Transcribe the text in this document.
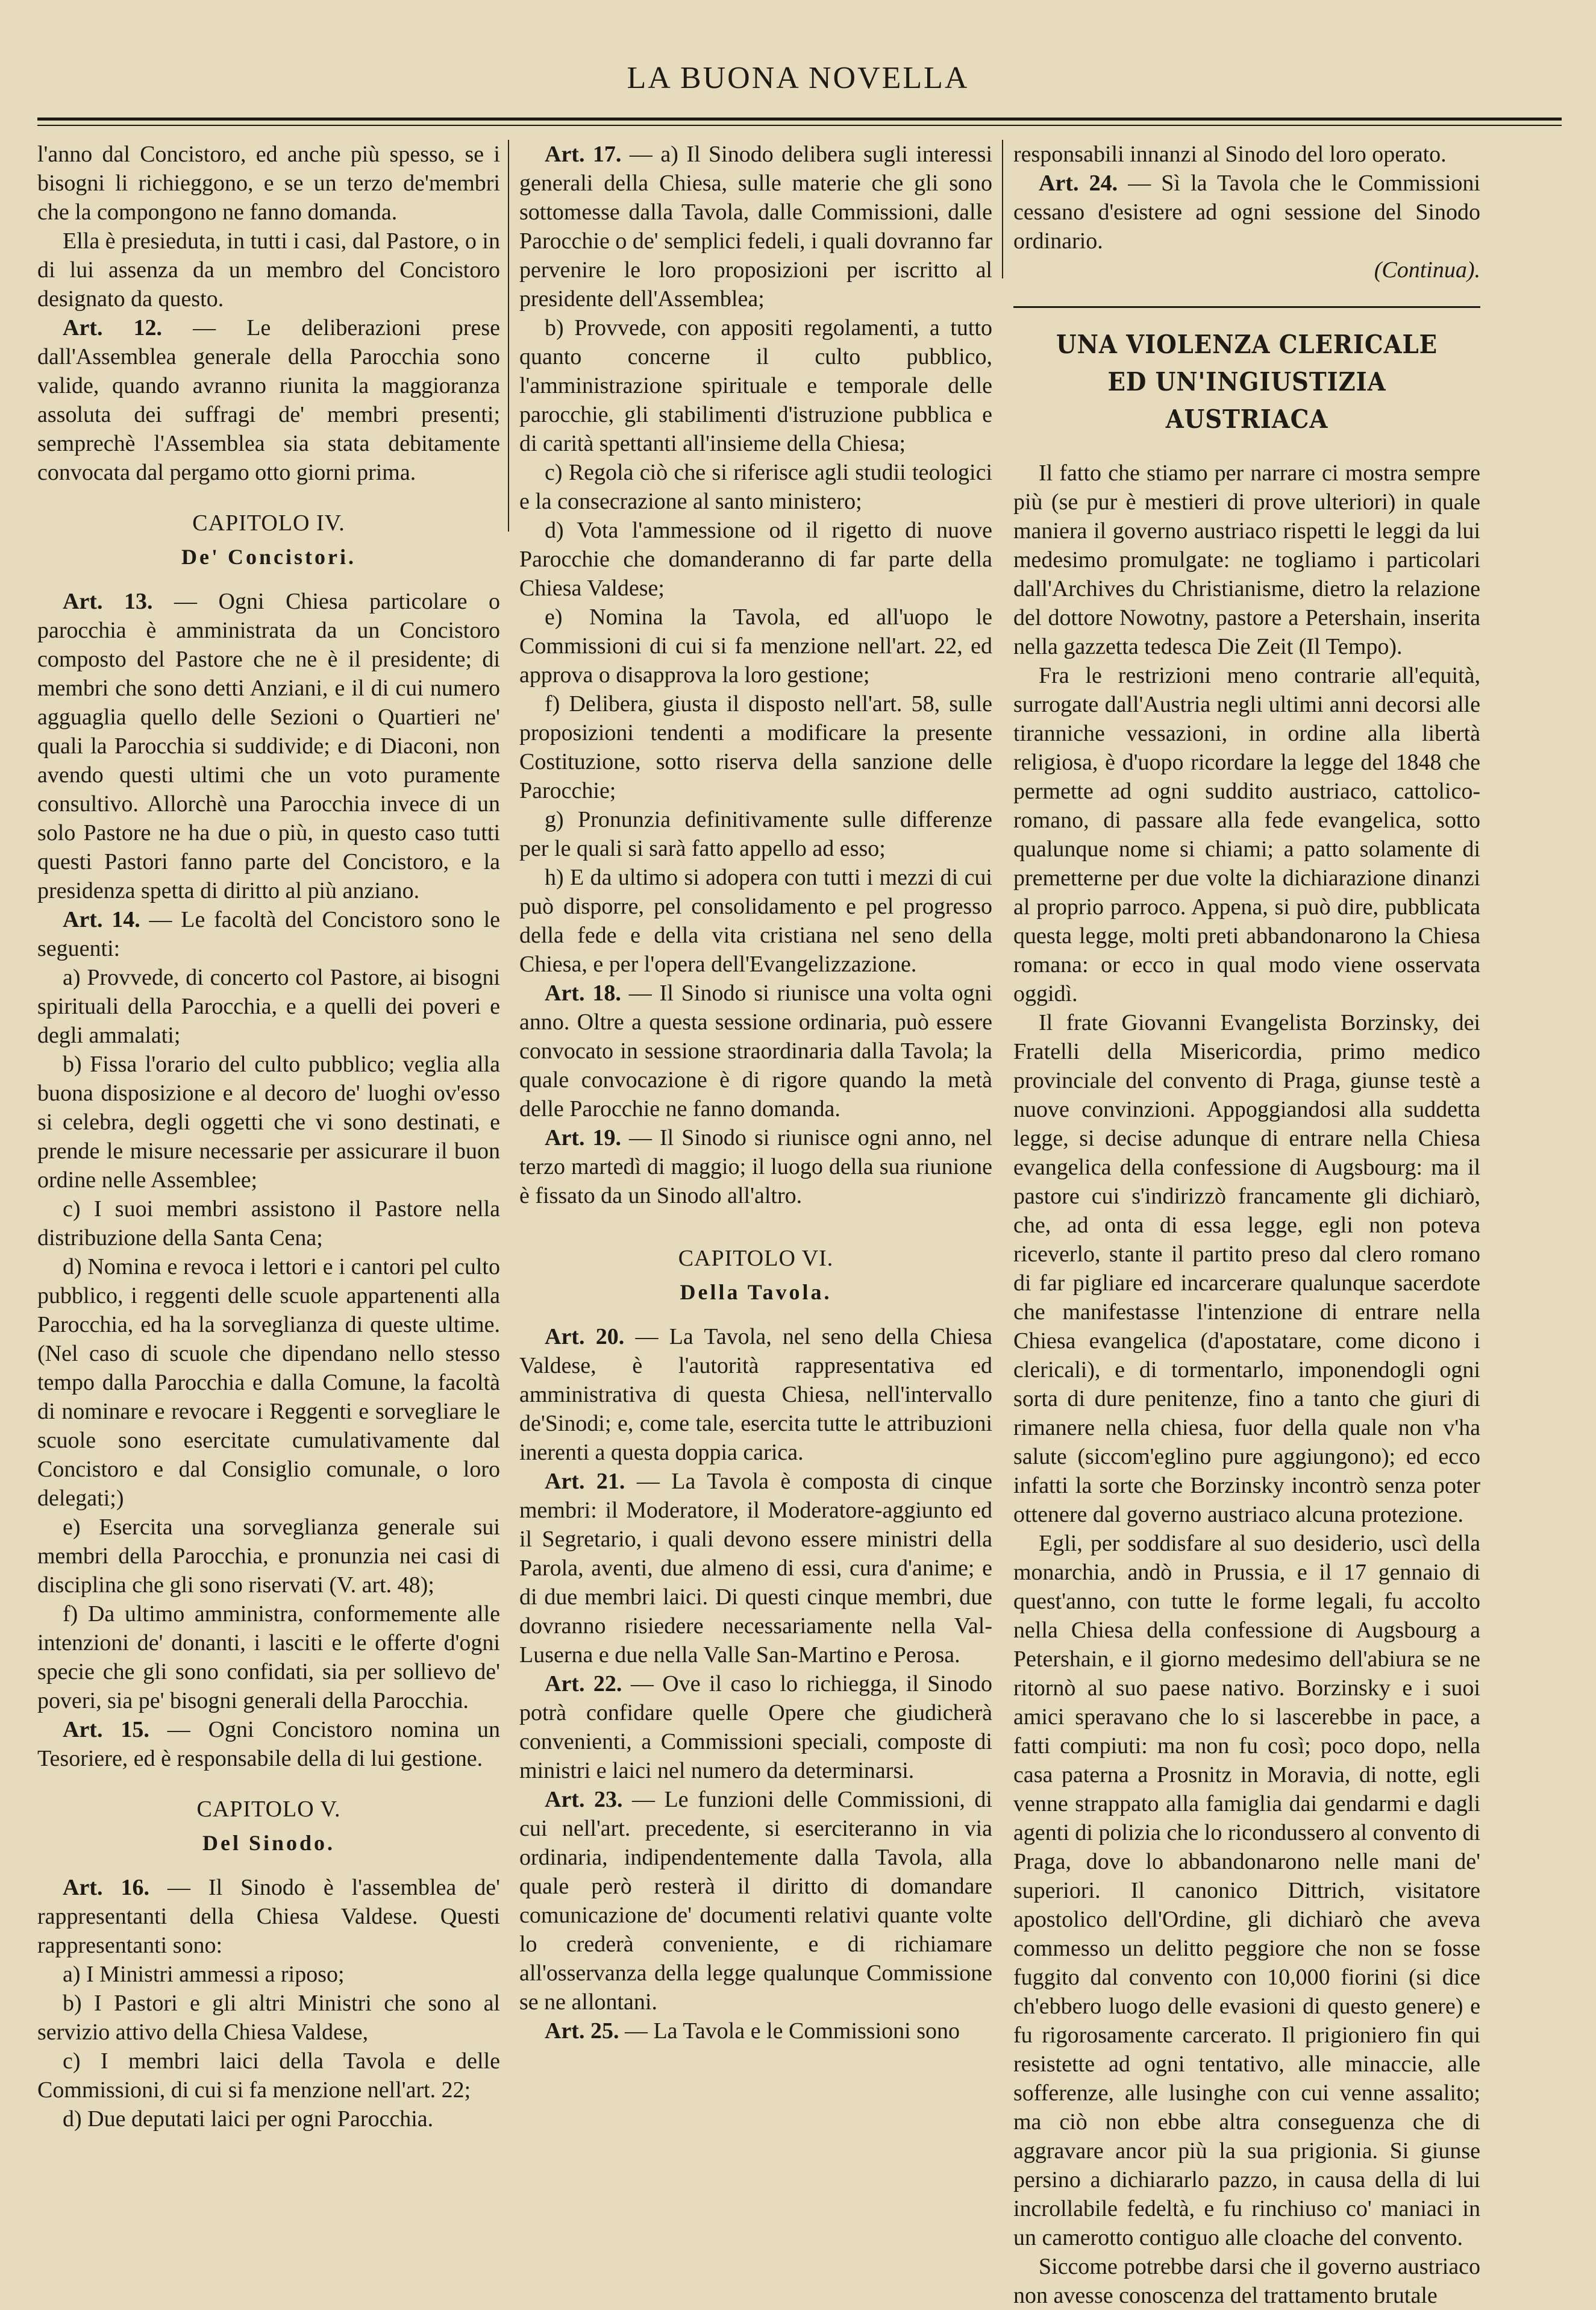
LA BUONA NOVELLA

l'anno dal Concistoro, ed anche più spesso, se i bisogni li richieggono, e se un terzo de'membri che la compongono ne fanno domanda.

Ella è presieduta, in tutti i casi, dal Pastore, o in di lui assenza da un membro del Concistoro designato da questo.

Art. 12. — Le deliberazioni prese dall'Assemblea generale della Parocchia sono valide, quando avranno riunita la maggioranza assoluta dei suffragi de' membri presenti; semprechè l'Assemblea sia stata debitamente convocata dal pergamo otto giorni prima.

CAPITOLO IV.
De' Concistori.

Art. 13. — Ogni Chiesa particolare o parocchia è amministrata da un Concistoro composto del Pastore che ne è il presidente; di membri che sono detti Anziani, e il di cui numero agguaglia quello delle Sezioni o Quartieri ne' quali la Parocchia si suddivide; e di Diaconi, non avendo questi ultimi che un voto puramente consultivo. Allorchè una Parocchia invece di un solo Pastore ne ha due o più, in questo caso tutti questi Pastori fanno parte del Concistoro, e la presidenza spetta di diritto al più anziano.

Art. 14. — Le facoltà del Concistoro sono le seguenti:

a) Provvede, di concerto col Pastore, ai bisogni spirituali della Parocchia, e a quelli dei poveri e degli ammalati;

b) Fissa l'orario del culto pubblico; veglia alla buona disposizione e al decoro de' luoghi ov'esso si celebra, degli oggetti che vi sono destinati, e prende le misure necessarie per assicurare il buon ordine nelle Assemblee;

c) I suoi membri assistono il Pastore nella distribuzione della Santa Cena;

d) Nomina e revoca i lettori e i cantori pel culto pubblico, i reggenti delle scuole appartenenti alla Parocchia, ed ha la sorveglianza di queste ultime. (Nel caso di scuole che dipendano nello stesso tempo dalla Parocchia e dalla Comune, la facoltà di nominare e revocare i Reggenti e sorvegliare le scuole sono esercitate cumulativamente dal Concistoro e dal Consiglio comunale, o loro delegati;)

e) Esercita una sorveglianza generale sui membri della Parocchia, e pronunzia nei casi di disciplina che gli sono riservati (V. art. 48);

f) Da ultimo amministra, conformemente alle intenzioni de' donanti, i lasciti e le offerte d'ogni specie che gli sono confidati, sia per sollievo de' poveri, sia pe' bisogni generali della Parocchia.

Art. 15. — Ogni Concistoro nomina un Tesoriere, ed è responsabile della di lui gestione.

CAPITOLO V.
Del Sinodo.

Art. 16. — Il Sinodo è l'assemblea de' rappresentanti della Chiesa Valdese. Questi rappresentanti sono:

a) I Ministri ammessi a riposo;

b) I Pastori e gli altri Ministri che sono al servizio attivo della Chiesa Valdese,

c) I membri laici della Tavola e delle Commissioni, di cui si fa menzione nell'art. 22;

d) Due deputati laici per ogni Parocchia.

Art. 17. — a) Il Sinodo delibera sugli interessi generali della Chiesa, sulle materie che gli sono sottomesse dalla Tavola, dalle Commissioni, dalle Parocchie o de' semplici fedeli, i quali dovranno far pervenire le loro proposizioni per iscritto al presidente dell'Assemblea;

b) Provvede, con appositi regolamenti, a tutto quanto concerne il culto pubblico, l'amministrazione spirituale e temporale delle parocchie, gli stabilimenti d'istruzione pubblica e di carità spettanti all'insieme della Chiesa;

c) Regola ciò che si riferisce agli studii teologici e la consecrazione al santo ministero;

d) Vota l'ammessione od il rigetto di nuove Parocchie che domanderanno di far parte della Chiesa Valdese;

e) Nomina la Tavola, ed all'uopo le Commissioni di cui si fa menzione nell'art. 22, ed approva o disapprova la loro gestione;

f) Delibera, giusta il disposto nell'art. 58, sulle proposizioni tendenti a modificare la presente Costituzione, sotto riserva della sanzione delle Parocchie;

g) Pronunzia definitivamente sulle differenze per le quali si sarà fatto appello ad esso;

h) E da ultimo si adopera con tutti i mezzi di cui può disporre, pel consolidamento e pel progresso della fede e della vita cristiana nel seno della Chiesa, e per l'opera dell'Evangelizzazione.

Art. 18. — Il Sinodo si riunisce una volta ogni anno. Oltre a questa sessione ordinaria, può essere convocato in sessione straordinaria dalla Tavola; la quale convocazione è di rigore quando la metà delle Parocchie ne fanno domanda.

Art. 19. — Il Sinodo si riunisce ogni anno, nel terzo martedì di maggio; il luogo della sua riunione è fissato da un Sinodo all'altro.

CAPITOLO VI.
Della Tavola.

Art. 20. — La Tavola, nel seno della Chiesa Valdese, è l'autorità rappresentativa ed amministrativa di questa Chiesa, nell'intervallo de'Sinodi; e, come tale, esercita tutte le attribuzioni inerenti a questa doppia carica.

Art. 21. — La Tavola è composta di cinque membri: il Moderatore, il Moderatore-aggiunto ed il Segretario, i quali devono essere ministri della Parola, aventi, due almeno di essi, cura d'anime; e di due membri laici. Di questi cinque membri, due dovranno risiedere necessariamente nella Val-Luserna e due nella Valle San-Martino e Perosa.

Art. 22. — Ove il caso lo richiegga, il Sinodo potrà confidare quelle Opere che giudicherà convenienti, a Commissioni speciali, composte di ministri e laici nel numero da determinarsi.

Art. 23. — Le funzioni delle Commissioni, di cui nell'art. precedente, si eserciteranno in via ordinaria, indipendentemente dalla Tavola, alla quale però resterà il diritto di domandare comunicazione de' documenti relativi quante volte lo crederà conveniente, e di richiamare all'osservanza della legge qualunque Commissione se ne allontani.

Art. 25. — La Tavola e le Commissioni sono

responsabili innanzi al Sinodo del loro operato.

Art. 24. — Sì la Tavola che le Commissioni cessano d'esistere ad ogni sessione del Sinodo ordinario.

(Continua).
UNA VIOLENZA CLERICALE
ED UN'INGIUSTIZIA AUSTRIACA

Il fatto che stiamo per narrare ci mostra sempre più (se pur è mestieri di prove ulteriori) in quale maniera il governo austriaco rispetti le leggi da lui medesimo promulgate: ne togliamo i particolari dall'Archives du Christianisme, dietro la relazione del dottore Nowotny, pastore a Petershain, inserita nella gazzetta tedesca Die Zeit (Il Tempo).

Fra le restrizioni meno contrarie all'equità, surrogate dall'Austria negli ultimi anni decorsi alle tiranniche vessazioni, in ordine alla libertà religiosa, è d'uopo ricordare la legge del 1848 che permette ad ogni suddito austriaco, cattolico-romano, di passare alla fede evangelica, sotto qualunque nome si chiami; a patto solamente di premetterne per due volte la dichiarazione dinanzi al proprio parroco. Appena, si può dire, pubblicata questa legge, molti preti abbandonarono la Chiesa romana: or ecco in qual modo viene osservata oggidì.

Il frate Giovanni Evangelista Borzinsky, dei Fratelli della Misericordia, primo medico provinciale del convento di Praga, giunse testè a nuove convinzioni. Appoggiandosi alla suddetta legge, si decise adunque di entrare nella Chiesa evangelica della confessione di Augsbourg: ma il pastore cui s'indirizzò francamente gli dichiarò, che, ad onta di essa legge, egli non poteva riceverlo, stante il partito preso dal clero romano di far pigliare ed incarcerare qualunque sacerdote che manifestasse l'intenzione di entrare nella Chiesa evangelica (d'apostatare, come dicono i clericali), e di tormentarlo, imponendogli ogni sorta di dure penitenze, fino a tanto che giuri di rimanere nella chiesa, fuor della quale non v'ha salute (siccom'eglino pure aggiungono); ed ecco infatti la sorte che Borzinsky incontrò senza poter ottenere dal governo austriaco alcuna protezione.

Egli, per soddisfare al suo desiderio, uscì della monarchia, andò in Prussia, e il 17 gennaio di quest'anno, con tutte le forme legali, fu accolto nella Chiesa della confessione di Augsbourg a Petershain, e il giorno medesimo dell'abiura se ne ritornò al suo paese nativo. Borzinsky e i suoi amici speravano che lo si lascerebbe in pace, a fatti compiuti: ma non fu così; poco dopo, nella casa paterna a Prosnitz in Moravia, di notte, egli venne strappato alla famiglia dai gendarmi e dagli agenti di polizia che lo ricondussero al convento di Praga, dove lo abbandonarono nelle mani de' superiori. Il canonico Dittrich, visitatore apostolico dell'Ordine, gli dichiarò che aveva commesso un delitto peggiore che non se fosse fuggito dal convento con 10,000 fiorini (si dice ch'ebbero luogo delle evasioni di questo genere) e fu rigorosamente carcerato. Il prigioniero fin qui resistette ad ogni tentativo, alle minaccie, alle sofferenze, alle lusinghe con cui venne assalito; ma ciò non ebbe altra conseguenza che di aggravare ancor più la sua prigionia. Si giunse persino a dichiararlo pazzo, in causa della di lui incrollabile fedeltà, e fu rinchiuso co' maniaci in un camerotto contiguo alle cloache del convento.

Siccome potrebbe darsi che il governo austriaco non avesse conoscenza del trattamento brutale
